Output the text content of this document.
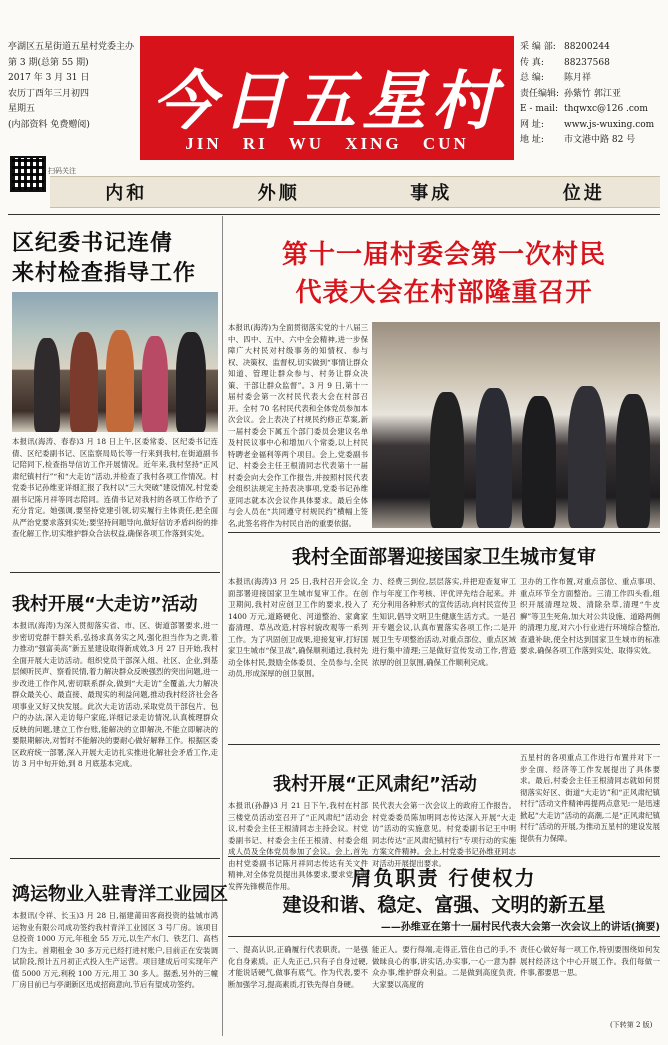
亭湖区五星街道五星村党委主办
第 3 期(总第 55 期)
2017 年 3 月 31 日
农历丁酉年三月初四
星期五
(内部资料 免费赠阅)
扫码关注
今日五星村
JIN RI WU XING CUN
采 编 部: 88200244
传 真:	88237568
总 编:	陈月祥
责任编辑: 孙紫竹 郭江亚
E - mail: thqwxc@126 .com
网 址:	www.js-wuxing.com
地 址:	市文港中路 82 号
内和	外顺	事成	位进
区纪委书记连倩
来村检查指导工作
本报讯(海涛、春春)3 月 18 日上午,区委常委、区纪委书记连倩、区纪委副书记、区监察局局长等一行来到我村,在街道副书记陪同下,检查指导信访工作开展情况。近年来,我村坚持“正风肃纪镇村行”“和“大走访”活动,并检查了我村各项工作情况。村党委书记孙维亚详细汇报了我村以“三大突破”建设情况,村党委副书记陈月祥等同志陪同。连倩书记对我村的各项工作给予了充分肯定。她强调,要坚持党建引领,切实履行主体责任,把全面从严治党要求落到实处;要坚持问题导向,做好信访矛盾纠纷的排查化解工作,切实维护群众合法权益,确保各项工作落到实处。
我村开展“大走访”活动
本报讯(海涛)为深入贯彻落实省、市、区、街道部署要求,进一步密切党群干群关系,弘扬求真务实之风,强化担当作为之责,着力推动“强富美高”新五星建设取得新成效,3 月 27 日开始,我村全面开展大走访活动。组织党员干部深入组、社区、企业,到基层倾听民声、察看民情,着力解决群众反映强烈的突出问题,进一步改进工作作风,密切联系群众,做到“大走访”全覆盖,大力解决群众最关心、最直接、最现实的利益问题,推动我村经济社会各项事业又好又快发展。此次大走访活动,采取党员干部包片、包户的办法,深入走访每户家庭,详细记录走访情况,认真梳理群众反映的问题,建立工作台账,能解决的立即解决,不能立即解决的要限期解决,对暂时不能解决的要耐心做好解释工作。根据区委区政府统一部署,深入开展大走访扎实推进化解社会矛盾工作,走访 3 月中旬开始,到 8 月底基本完成。
鸿运物业入驻青洋工业园区
本报讯(令祥、长玉)3 月 28 日,福建莆田客商投资的盐城市鸿运物业有限公司成功签约我村青洋工业园区 3 号厂房。该项目总投资 1000 万元,年租金 55 万元,以生产水门、铁艺门、高档门为主。首期租金 30 多万元已经打进村账户,目前正在安装调试阶段,预计五月初正式投入生产运营。项目建成后可实现年产值 5000 万元,利税 100 万元,用工 30 多人。据悉,另外的三幢厂房目前已与亭湖新区迅成招商意向,节后有望成功签约。
第十一届村委会第一次村民
代表大会在村部隆重召开
本报讯(海涛)为全面贯彻落实党的十八届三中、四中、五中、六中全会精神,进一步保障广大村民对村级事务的知情权、参与权、决策权、监督权,切实做到“事情让群众知道、管理让群众参与、村务让群众决策、干部让群众监督”。3 月 9 日,第十一届村委会第一次村民代表大会在村部召开。全村 70 名村民代表和全体党员参加本次会议。会上表决了村规民约修正草案,新一届村委会下属五个部门委员会建议名单及村民议事中心和增加八个常委,以上村民特聘老金福利等两个项目。会上,党委副书记、村委会主任王根清同志代表第十一届村委会向大会作工作报告,并按照村民代表会组织法规定主持表决事项,党委书记孙维亚同志就本次会议作具体要求。最后全体与会人员在“共同遵守村规民约”横幅上签名,此签名将作为村民自治的重要依据。
我村全面部署迎接国家卫生城市复审
本报讯(海涛)3 月 25 日,我村召开会议,全面部署迎接国家卫生城市复审工作。在创卫期间,我村对应创卫工作的要求,投入了 1400 万元,道路硬化、河道整治、家禽家畜清理、草丛改造,村容村貌改观等一系列工作。为了巩固创卫成果,迎接复审,打好国家卫生城市“保卫战”,确保顺利通过,我村先动全体村民,鼓励全体委员、全员参与,全民动员,形成深厚的创卫氛围。
力、经费三到位,层层落实,并把迎查复审工作与年度工作考核、评优评先结合起来。并充分利用各种形式的宣传活动,向村民宣传卫生知识,倡导文明卫生健康生活方式。一是召开专题会议,认真布置落实各项工作;二是开展卫生专项整治活动,对重点部位、重点区域进行集中清理;三是做好宣传发动工作,营造浓厚的创卫氛围,确保工作顺利完成。
卫办的工作布置,对重点部位、重点事项、重点环节全方面整治。三清工作四头看,组织开展清理垃圾、清除杂草,清理“牛皮癣”等卫生死角,加大对公共设施、道路两侧的清理力度,对六小行业进行环境综合整治,查遗补缺,使全村达到国家卫生城市的标准要求,确保各项工作落到实处、取得实效。
我村开展“正风肃纪”活动
本报讯(孙静)3 月 21 日下午,我村在村部三楼党员活动室召开了“正风肃纪”活动会议,村委会主任王根清同志主持会议。村党委副书记、村委会主任王根清、村委会组成人员及全体党员参加了会议。会上,首先由村党委副书记陈月祥同志传达有关文件精神,对全体党员提出具体要求,要求党员要发挥先锋模范作用。
民代表大会第一次会议上的政府工作报告。村党委委员陈加明同志传达深入开展“大走访”活动的实施意见。村党委副书记王中明同志传达“正风肃纪镇村行”专项行动的实施方案文件精神。会上,村党委书记孙维亚同志对活动开展提出要求。
五星村的各项重点工作进行布置并对下一步全面、经济等工作发展提出了具体要求。最后,村委会主任王根清同志就如何贯彻落实好区、街道“大走访”和“正风肃纪镇村行”活动文件精神再提两点意见:一是迅速掀起“大走访”活动的高潮,二是“正风肃纪镇村行”活动的开展,为推动五星村的建设发展提供有力保障。
肩负职责 行使权力
建设和谐、稳定、富强、文明的新五星
——孙维亚在第十一届村民代表大会第一次会议上的讲话(摘要)
一、提高认识,正确履行代表职责。一是强化自身素质。正人先正己,只有子自身过硬,才能说话硬气,做事有底气。作为代表,要不断加强学习,提高素质,打铁先得自身硬。
能正人。要行得端,走得正,管住自己的手,不做昧良心的事,讲实话,办实事,一心一意为群众办事,维护群众利益。二是做到高度负责,大家要以高度的
责任心做好每一项工作,特别要围绕如何发展村经济这个中心开展工作。我们每做一件事,都要思一思。
(下转第 2 版)
